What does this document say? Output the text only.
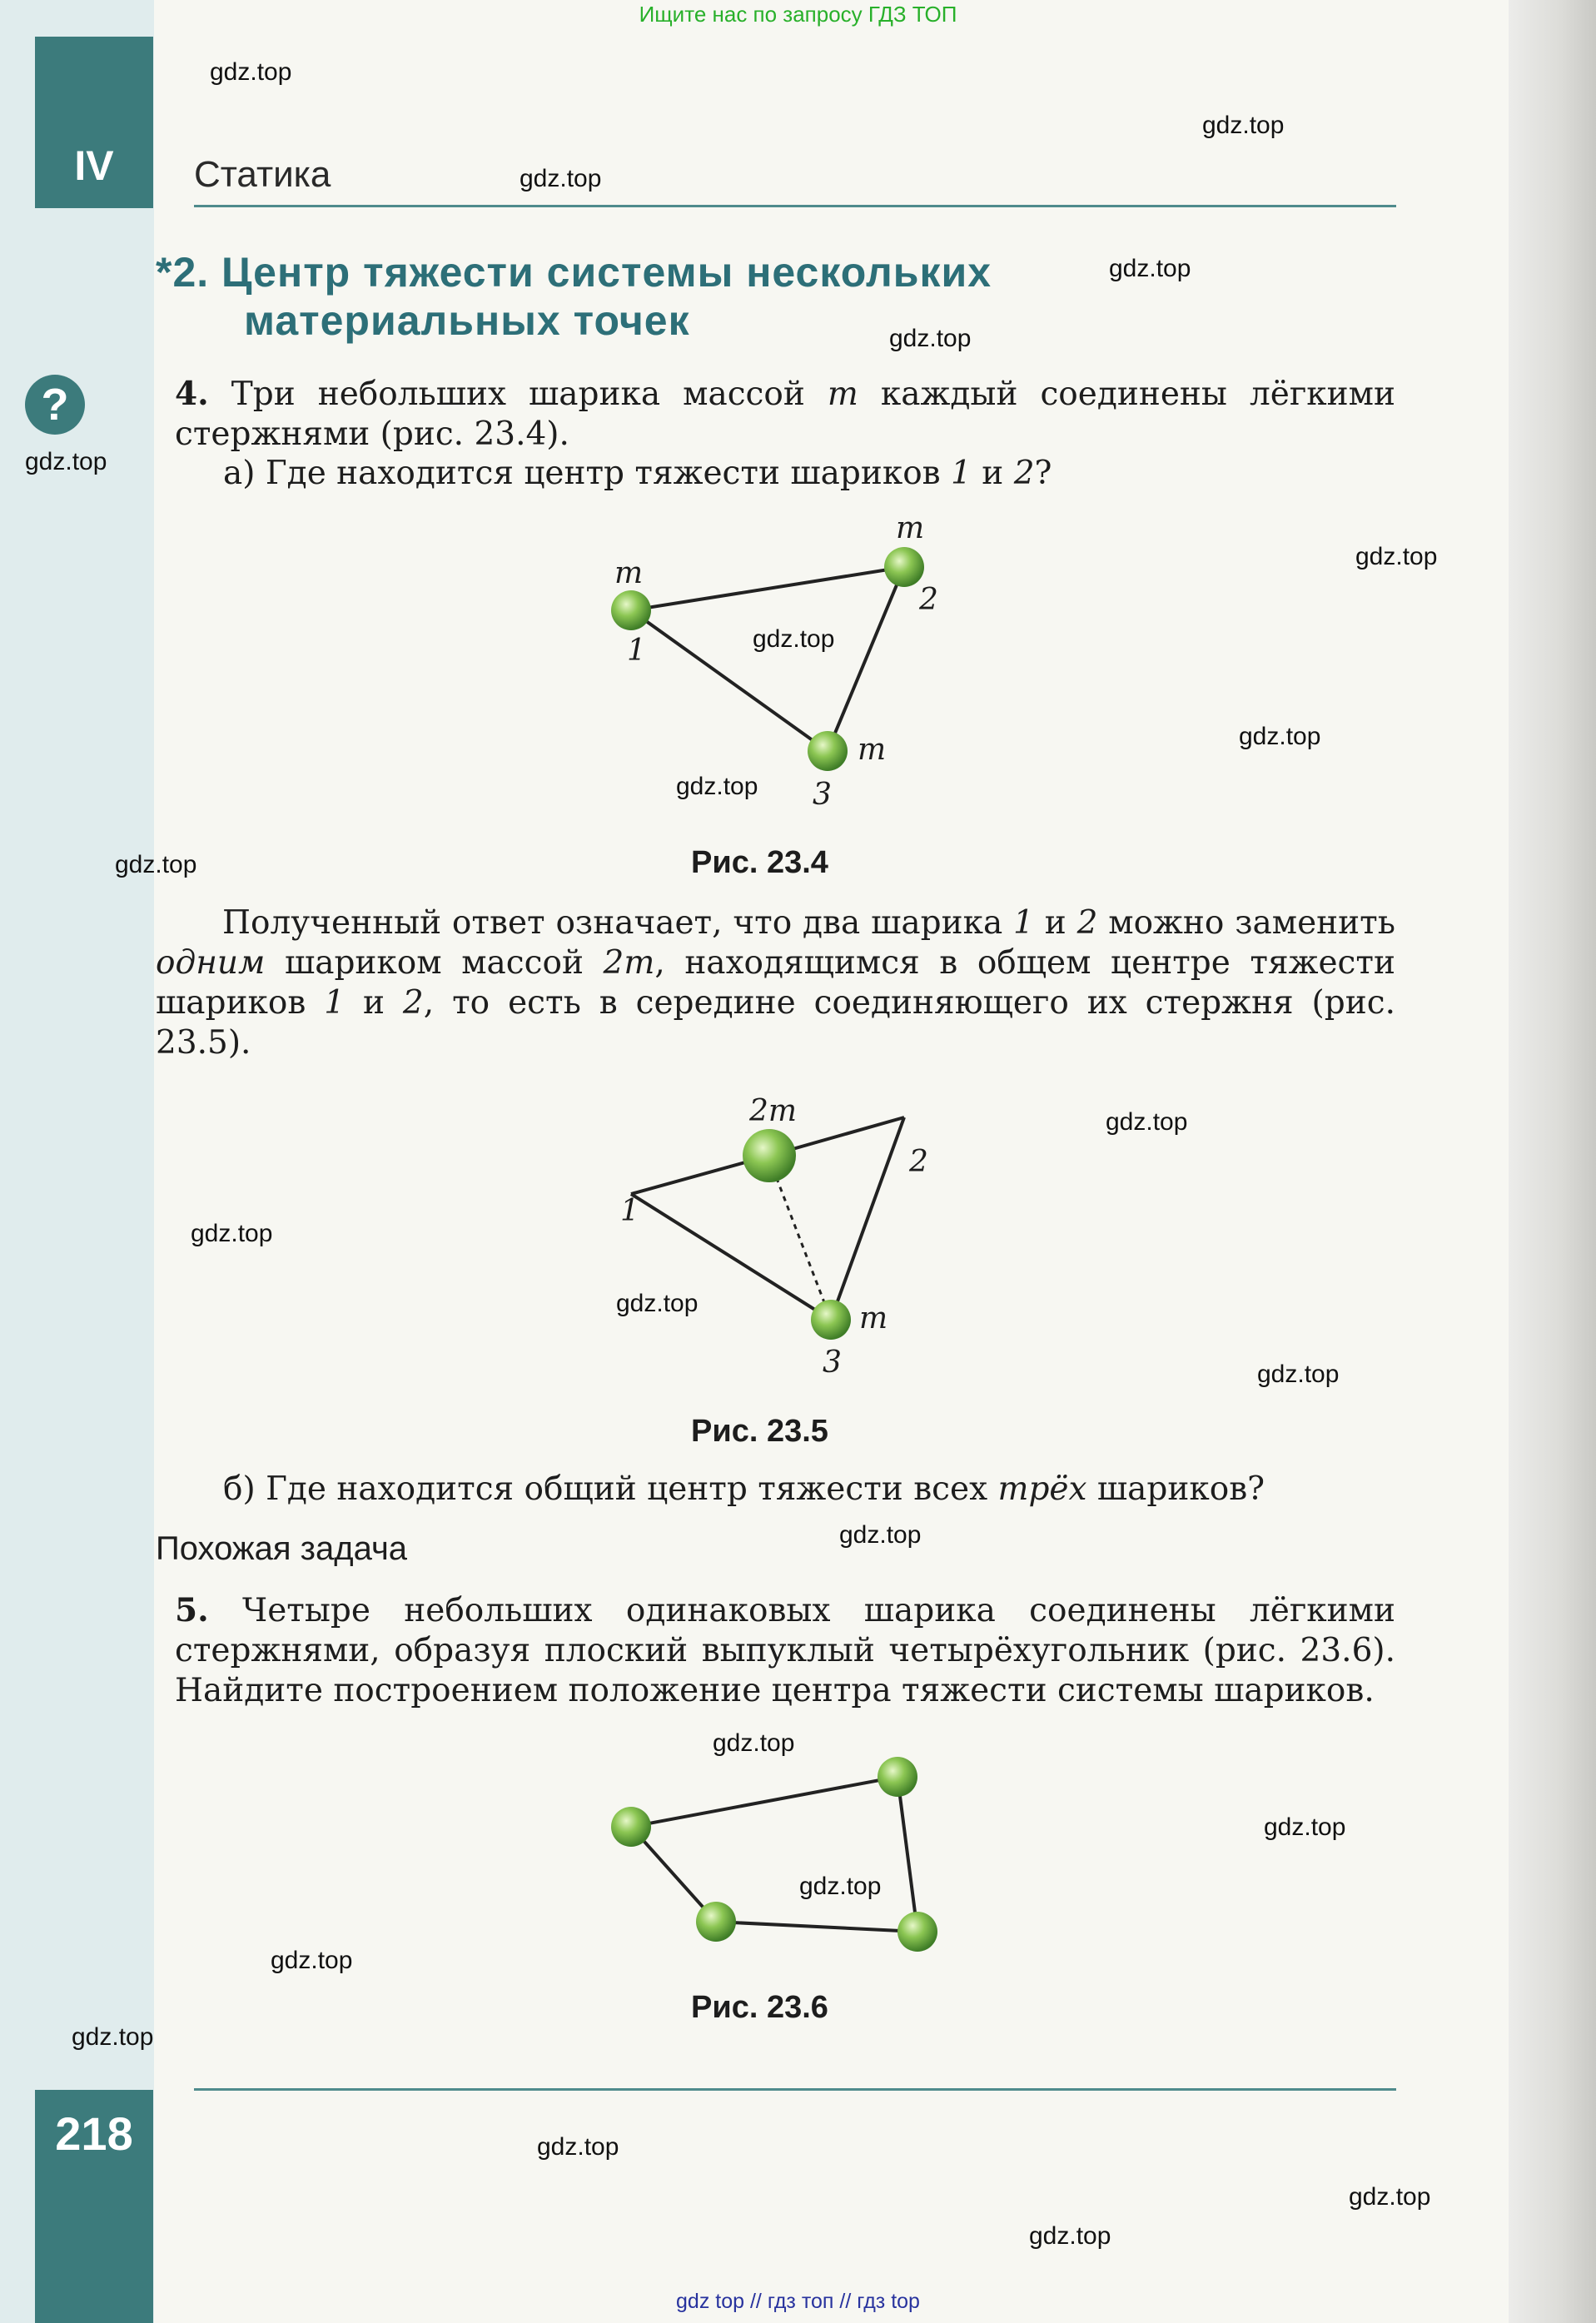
Ищите нас по запросу ГДЗ ТОП
IV	Статика
*2. Центр тяжести системы нескольких
материальных точек
?	4. Три небольших шарика массой m каждый соединены лёгкими стержнями (рис. 23.4).
а) Где находится центр тяжести шариков 1 и 2?
m
m
m
1
2
3
2m
m
1
2
3
Рис. 23.4
Полученный ответ означает, что два шарика 1 и 2 можно заменить одним шариком массой 2m, находящимся в общем центре тяжести шариков 1 и 2, то есть в середине соединяющего их стержня (рис. 23.5).
Рис. 23.5
б) Где находится общий центр тяжести всех трёх шариков?
Похожая задача
5. Четыре небольших одинаковых шарика соединены лёгкими стержнями, образуя плоский выпуклый четырёхугольник (рис. 23.6). Найдите построением положение центра тяжести системы шариков.
Рис. 23.6
218
gdz top // гдз топ // гдз top
gdz.top
gdz.top
gdz.top
gdz.top
gdz.top
gdz.top
gdz.top
gdz.top
gdz.top
gdz.top
gdz.top
gdz.top
gdz.top
gdz.top
gdz.top
gdz.top
gdz.top
gdz.top
gdz.top
gdz.top
gdz.top
gdz.top
gdz.top
gdz.top
